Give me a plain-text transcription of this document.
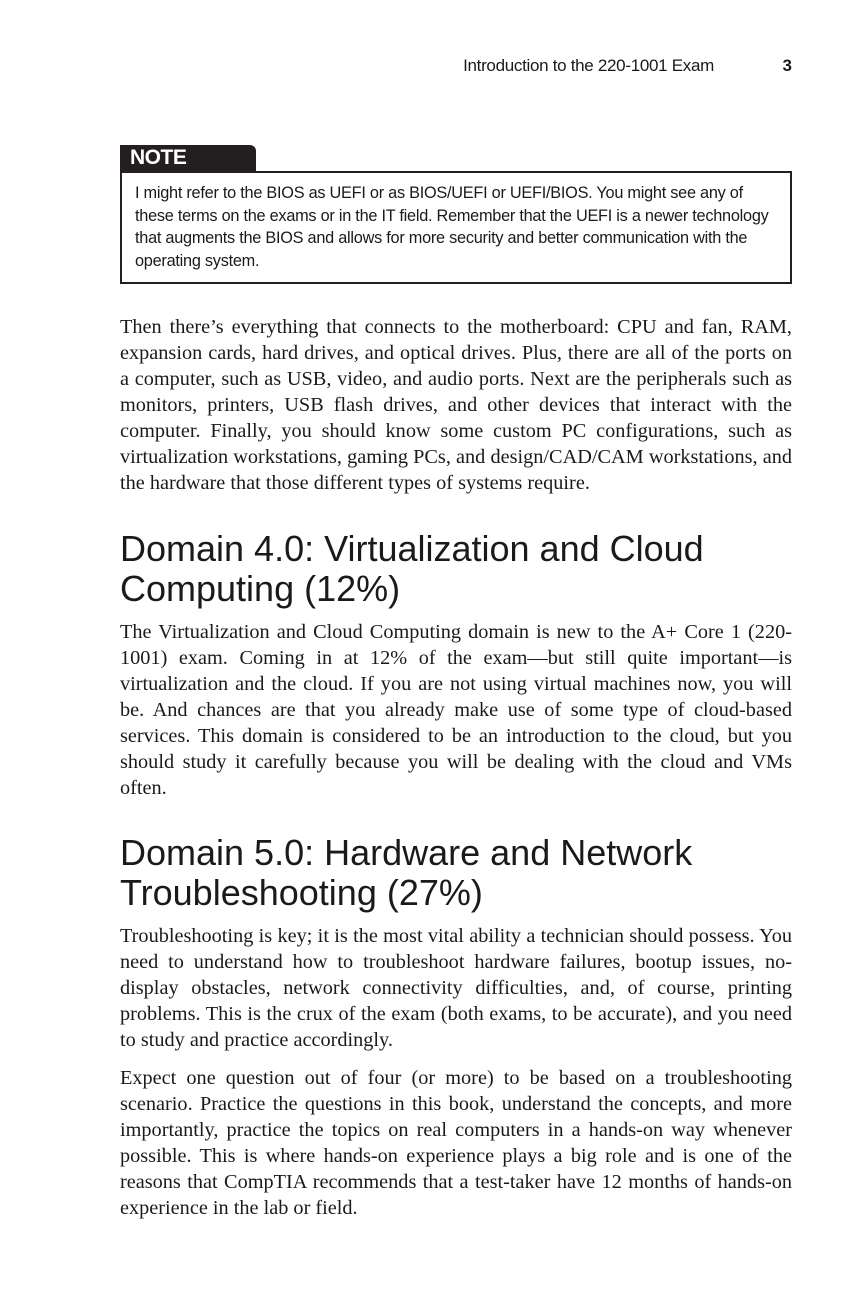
Introduction to the 220-1001 Exam	3
NOTE
I might refer to the BIOS as UEFI or as BIOS/UEFI or UEFI/BIOS. You might see any of these terms on the exams or in the IT field. Remember that the UEFI is a newer technology that augments the BIOS and allows for more security and better communication with the operating system.

Then there’s everything that connects to the motherboard: CPU and fan, RAM, expansion cards, hard drives, and optical drives. Plus, there are all of the ports on a computer, such as USB, video, and audio ports. Next are the peripherals such as monitors, printers, USB flash drives, and other devices that interact with the computer. Finally, you should know some custom PC configurations, such as virtualization workstations, gaming PCs, and design/CAD/CAM workstations, and the hardware that those different types of systems require.

Domain 4.0: Virtualization and Cloud Computing (12%)

The Virtualization and Cloud Computing domain is new to the A+ Core 1 (220-1001) exam. Coming in at 12% of the exam—but still quite important—is virtualization and the cloud. If you are not using virtual machines now, you will be. And chances are that you already make use of some type of cloud-based services. This domain is considered to be an introduction to the cloud, but you should study it carefully because you will be dealing with the cloud and VMs often.

Domain 5.0: Hardware and Network Troubleshooting (27%)

Troubleshooting is key; it is the most vital ability a technician should possess. You need to understand how to troubleshoot hardware failures, bootup issues, no-display obstacles, network connectivity difficulties, and, of course, printing problems. This is the crux of the exam (both exams, to be accurate), and you need to study and practice accordingly.

Expect one question out of four (or more) to be based on a troubleshooting scenario. Practice the questions in this book, understand the concepts, and more importantly, practice the topics on real computers in a hands-on way whenever possible. This is where hands-on experience plays a big role and is one of the reasons that CompTIA recommends that a test-taker have 12 months of hands-on experience in the lab or field.
